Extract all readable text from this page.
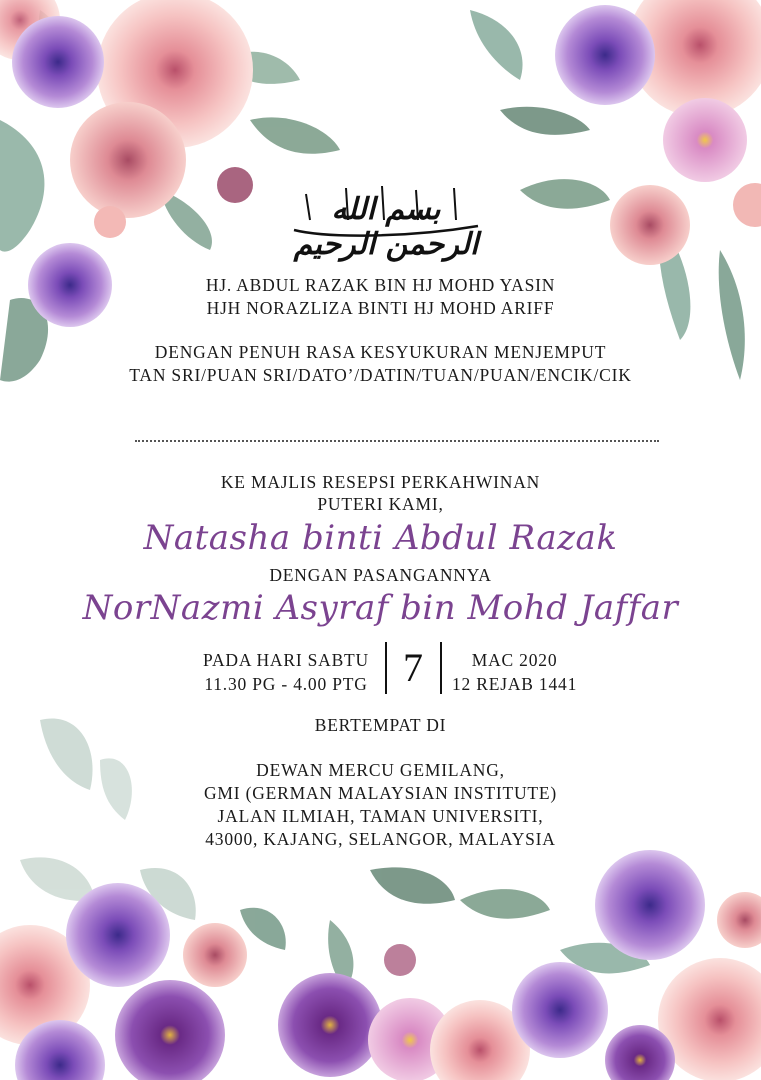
بسم الله الرحمن الرحيم
HJ. ABDUL RAZAK BIN HJ MOHD YASIN
HJH NORAZLIZA BINTI HJ MOHD ARIFF
DENGAN PENUH RASA KESYUKURAN MENJEMPUT
TAN SRI/PUAN SRI/DATO’/DATIN/TUAN/PUAN/ENCIK/CIK
KE MAJLIS RESEPSI PERKAHWINAN
PUTERI KAMI,
Natasha binti Abdul Razak
DENGAN PASANGANNYA
NorNazmi Asyraf bin Mohd Jaffar
PADA HARI SABTU
11.30 PG - 4.00 PTG 7	MAC 2020
12 REJAB 1441
BERTEMPAT DI
DEWAN MERCU GEMILANG,
GMI (GERMAN MALAYSIAN INSTITUTE)
JALAN ILMIAH, TAMAN UNIVERSITI,
43000, KAJANG, SELANGOR, MALAYSIA
